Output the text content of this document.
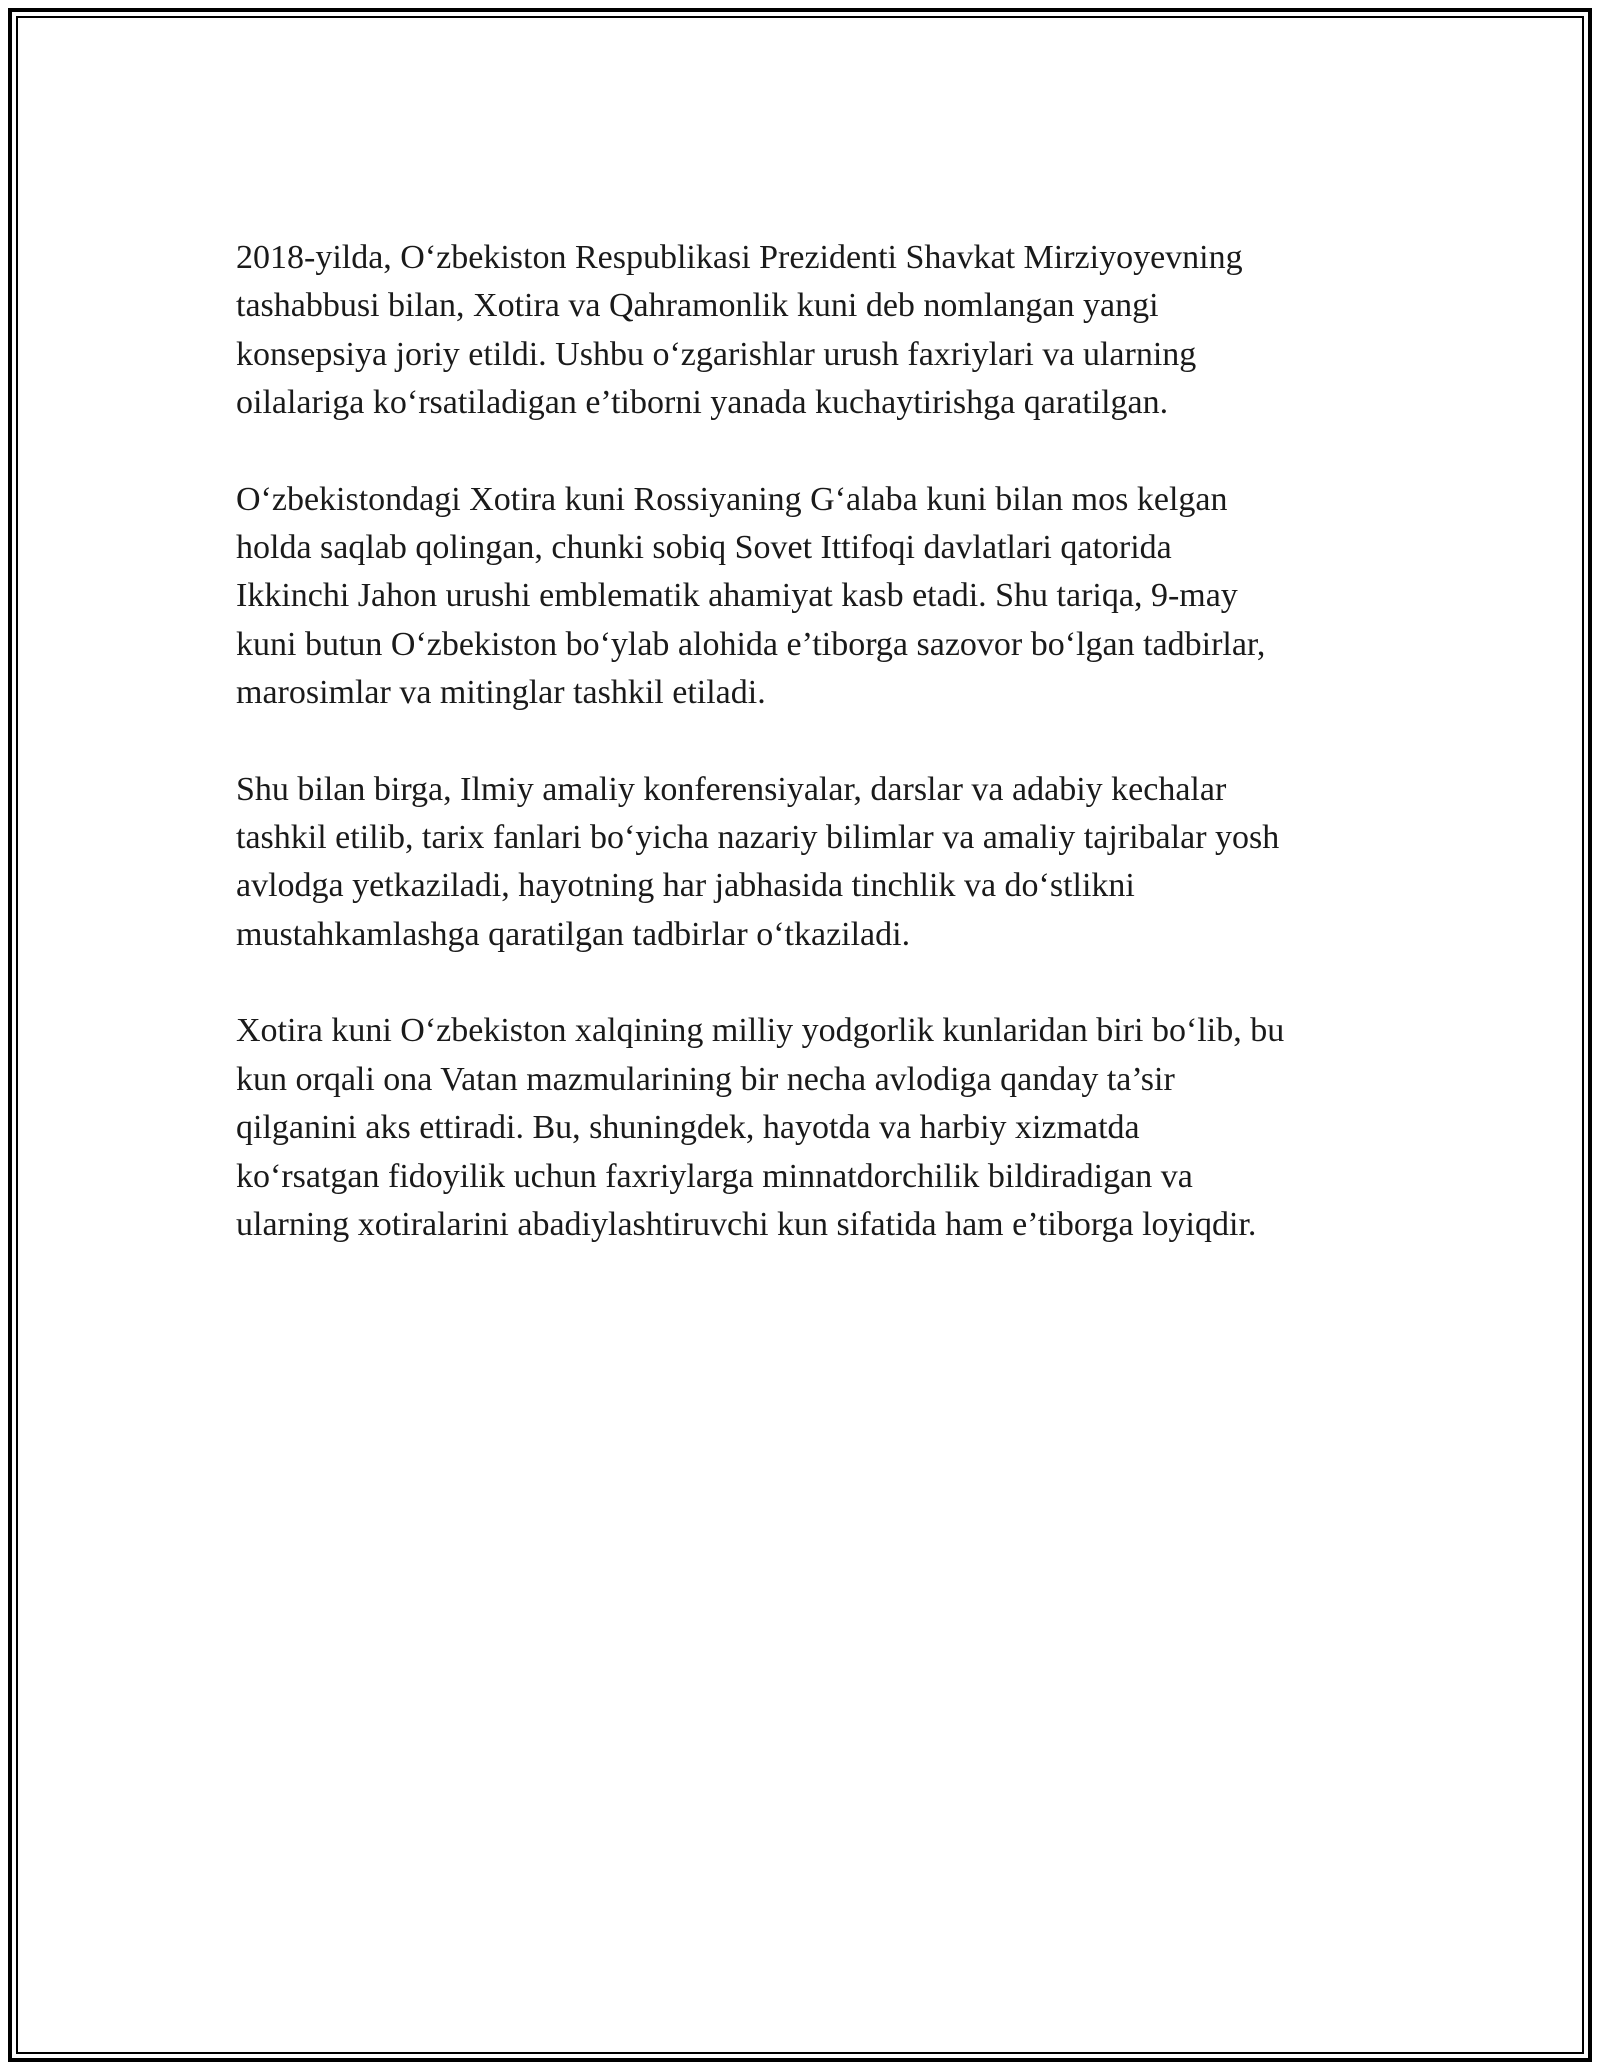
2018-yilda, O‘zbekiston Respublikasi Prezidenti Shavkat Mirziyoyevning
tashabbusi bilan, Xotira va Qahramonlik kuni deb nomlangan yangi
konsepsiya joriy etildi. Ushbu o‘zgarishlar urush faxriylari va ularning
oilalariga ko‘rsatiladigan e’tiborni yanada kuchaytirishga qaratilgan.

O‘zbekistondagi Xotira kuni Rossiyaning G‘alaba kuni bilan mos kelgan
holda saqlab qolingan, chunki sobiq Sovet Ittifoqi davlatlari qatorida
Ikkinchi Jahon urushi emblematik ahamiyat kasb etadi. Shu tariqa, 9-may
kuni butun O‘zbekiston bo‘ylab alohida e’tiborga sazovor bo‘lgan tadbirlar,
marosimlar va mitinglar tashkil etiladi.

Shu bilan birga, Ilmiy amaliy konferensiyalar, darslar va adabiy kechalar
tashkil etilib, tarix fanlari bo‘yicha nazariy bilimlar va amaliy tajribalar yosh
avlodga yetkaziladi, hayotning har jabhasida tinchlik va do‘stlikni
mustahkamlashga qaratilgan tadbirlar o‘tkaziladi.

Xotira kuni O‘zbekiston xalqining milliy yodgorlik kunlaridan biri bo‘lib, bu
kun orqali ona Vatan mazmularining bir necha avlodiga qanday ta’sir
qilganini aks ettiradi. Bu, shuningdek, hayotda va harbiy xizmatda
ko‘rsatgan fidoyilik uchun faxriylarga minnatdorchilik bildiradigan va
ularning xotiralarini abadiylashtiruvchi kun sifatida ham e’tiborga loyiqdir.
